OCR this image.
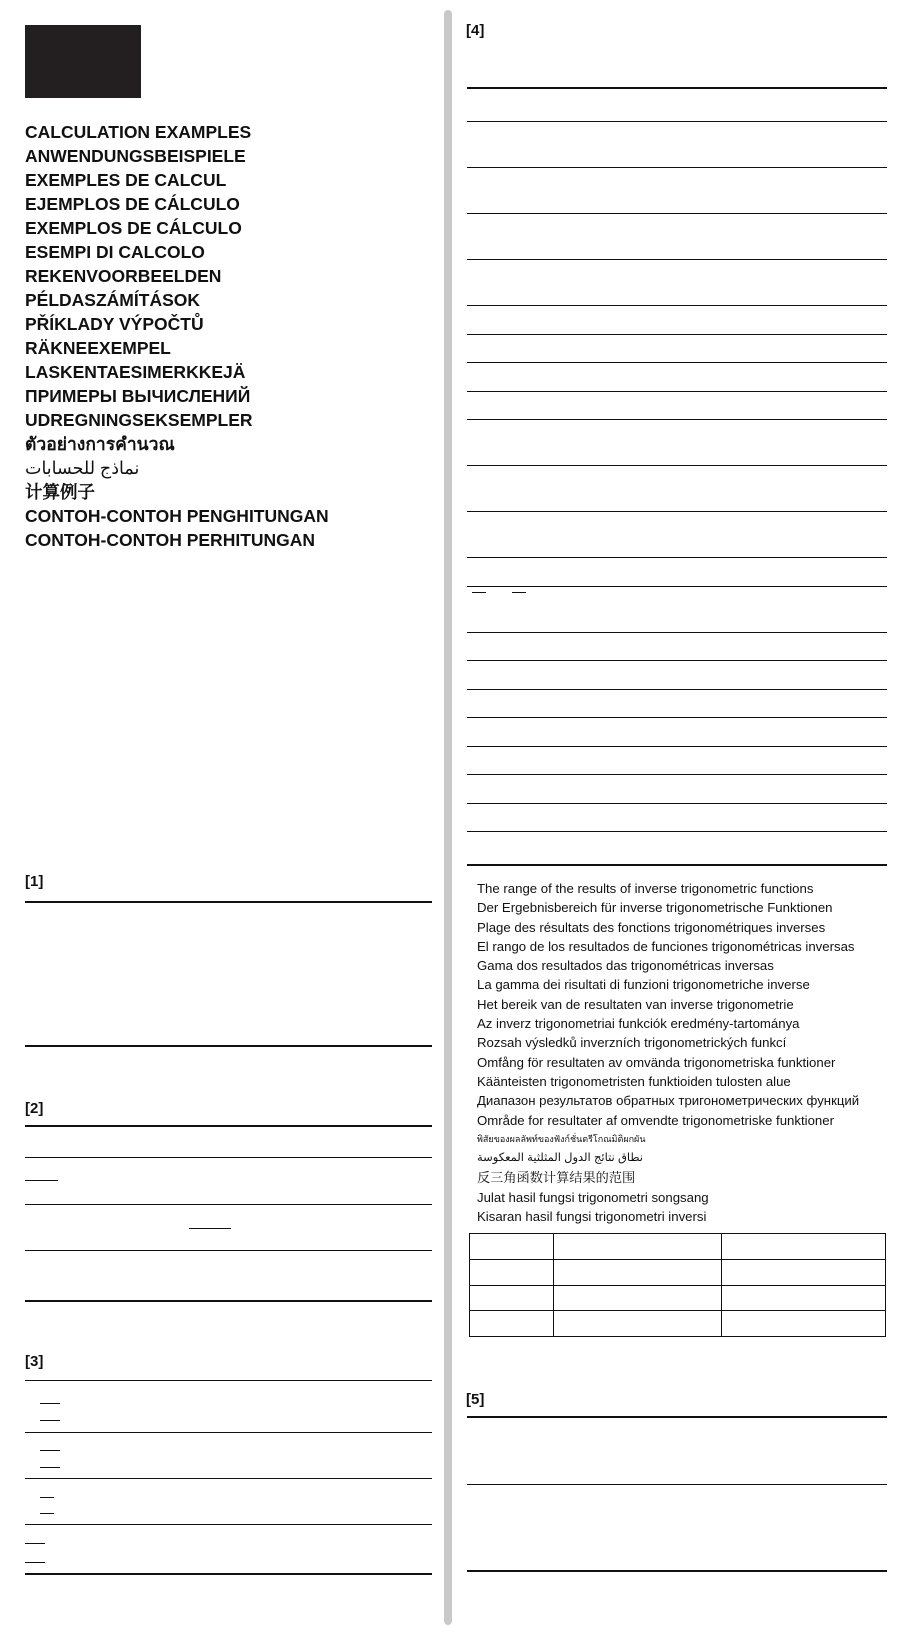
CALCULATION EXAMPLES
ANWENDUNGSBEISPIELE
EXEMPLES DE CALCUL
EJEMPLOS DE CÁLCULO
EXEMPLOS DE CÁLCULO
ESEMPI DI CALCOLO
REKENVOORBEELDEN
PÉLDASZÁMÍTÁSOK
PŘÍKLADY VÝPOČTŮ
RÄKNEEXEMPEL
LASKENTAESIMERKKEJÄ
ПРИМЕРЫ ВЫЧИСЛЕНИЙ
UDREGNINGSEKSEMPLER
ตัวอย่างการคำนวณ
نماذج للحسابات
计算例子
CONTOH-CONTOH PENGHITUNGAN
CONTOH-CONTOH PERHITUNGAN
[1]
[2]
[3]
[4]
The range of the results of inverse trigonometric functions
Der Ergebnisbereich für inverse trigonometrische Funktionen
Plage des résultats des fonctions trigonométriques inverses
El rango de los resultados de funciones trigonométricas inversas
Gama dos resultados das trigonométricas inversas
La gamma dei risultati di funzioni trigonometriche inverse
Het bereik van de resultaten van inverse trigonometrie
Az inverz trigonometriai funkciók eredmény-tartománya
Rozsah výsledků inverzních trigonometrických funkcí
Omfång för resultaten av omvända trigonometriska funktioner
Käänteisten trigonometristen funktioiden tulosten alue
Диапазон результатов обратных тригонометрических функций
Område for resultater af omvendte trigonometriske funktioner
พิสัยของผลลัพท์ของฟังก์ชั่นตรีโกณมิติผกผัน
نطاق نتائج الدول المثلثية المعكوسة
反三角函数计算结果的范围
Julat hasil fungsi trigonometri songsang
Kisaran hasil fungsi trigonometri inversi

[5]
